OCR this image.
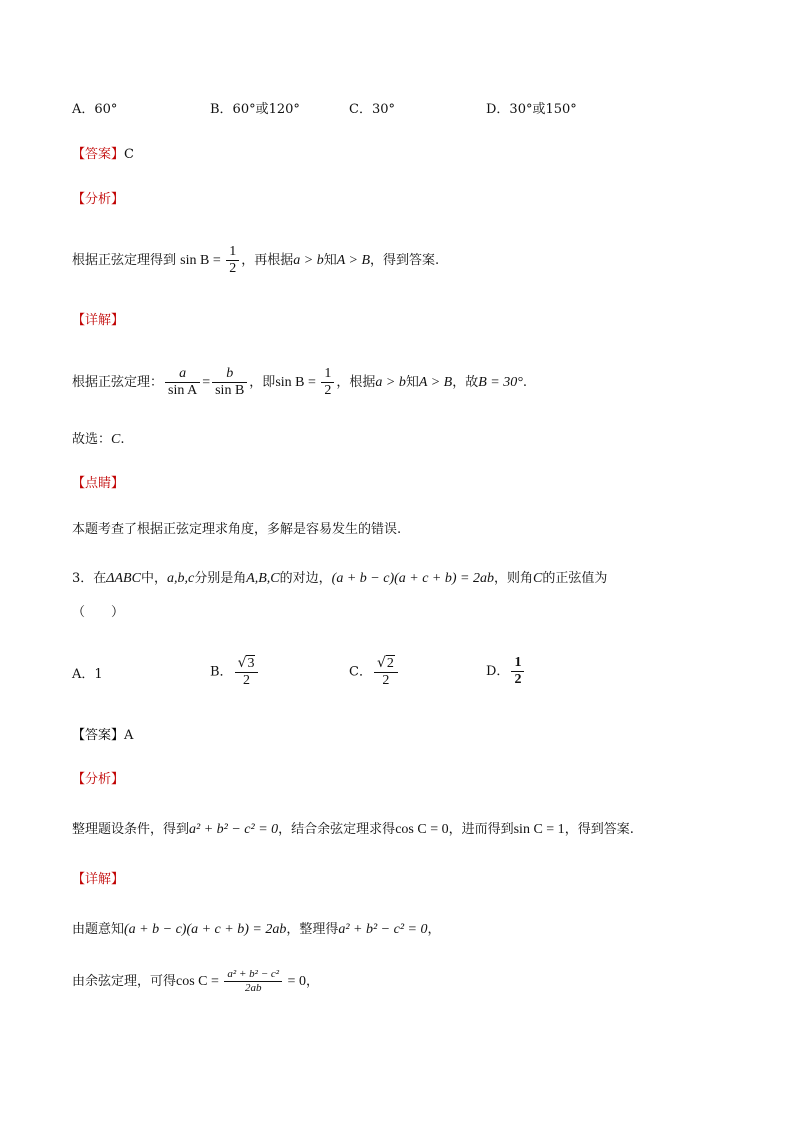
A．60°	B．60°或120°	C．30°	D．30°或150°
【答案】C
【分析】
根据正弦定理得到 $\sin B = \frac{1}{2}$ ，再根据a > b知A > B，得到答案.
【详解】
根据正弦定理： $\frac{a}{\text{sin A}} = \frac{b}{\text{sin B}}$ ，即$\sin B = \frac{1}{2}$ ，根据a > b知A > B，故B = 30°.
故选：C.
【点睛】
本题考查了根据正弦定理求角度，多解是容易发生的错误.
3．在ΔABC中，a,b,c分别是角A,B,C的对边，(a + b − c)(a + c + b) = 2ab，则角C的正弦值为
（　　）
A．1	B． $\frac{√ 3}{2}$	C． $\frac{√ 2}{2}$	D． $\frac{1}{2}$
【答案】A
【分析】
整理题设条件，得到a² + b² − c² = 0，结合余弦定理求得cos C = 0，进而得到sin C = 1，得到答案.
【详解】
由题意知(a + b − c)(a + c + b) = 2ab，整理得a² + b² − c² = 0，
由余弦定理，可得$\cos C = \frac{\text{a² + b² − c²}}{2ab} = 0$，
